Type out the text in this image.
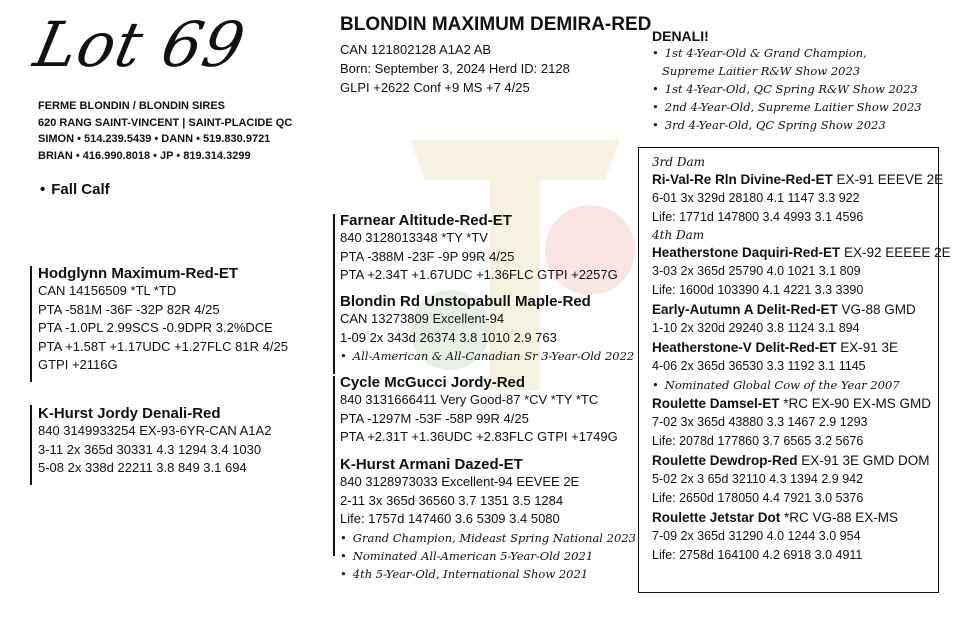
Lot 69
FERME BLONDIN / BLONDIN SIRES
620 RANG SAINT-VINCENT | SAINT-PLACIDE QC
SIMON • 514.239.5439 • DANN • 519.830.9721
BRIAN • 416.990.8018 • JP • 819.314.3299
• Fall Calf
BLONDIN MAXIMUM DEMIRA-RED
CAN 121802128 A1A2 AB
Born: September 3, 2024 Herd ID: 2128
GLPI +2622 Conf +9 MS +7 4/25
DENALI!
• 1st 4-Year-Old & Grand Champion,
Supreme Laitier R&W Show 2023
• 1st 4-Year-Old, QC Spring R&W Show 2023
• 2nd 4-Year-Old, Supreme Laitier Show 2023
• 3rd 4-Year-Old, QC Spring Show 2023
Hodglynn Maximum-Red-ET
CAN 14156509 *TL *TD
PTA -581M -36F -32P 82R 4/25
PTA -1.0PL 2.99SCS -0.9DPR 3.2%DCE
PTA +1.58T +1.17UDC +1.27FLC 81R 4/25
GTPI +2116G
K-Hurst Jordy Denali-Red
840 3149933254 EX-93-6YR-CAN A1A2
3-11 2x 365d 30331 4.3 1294 3.4 1030
5-08 2x 338d 22211 3.8 849 3.1 694
Farnear Altitude-Red-ET
840 3128013348 *TY *TV
PTA -388M -23F -9P 99R 4/25
PTA +2.34T +1.67UDC +1.36FLC GTPI +2257G
Blondin Rd Unstopabull Maple-Red
CAN 13273809 Excellent-94
1-09 2x 343d 26374 3.8 1010 2.9 763
• All-American & All-Canadian Sr 3-Year-Old 2022
Cycle McGucci Jordy-Red
840 3131666411 Very Good-87 *CV *TY *TC
PTA -1297M -53F -58P 99R 4/25
PTA +2.31T +1.36UDC +2.83FLC GTPI +1749G
K-Hurst Armani Dazed-ET
840 3128973033 Excellent-94 EEVEE 2E
2-11 3x 365d 36560 3.7 1351 3.5 1284
Life: 1757d 147460 3.6 5309 3.4 5080
• Grand Champion, Mideast Spring National 2023
• Nominated All-American 5-Year-Old 2021
• 4th 5-Year-Old, International Show 2021
3rd Dam
Ri-Val-Re Rln Divine-Red-ET EX-91 EEEVE 2E
6-01 3x 329d 28180 4.1 1147 3.3 922
Life: 1771d 147800 3.4 4993 3.1 4596
4th Dam
Heatherstone Daquiri-Red-ET EX-92 EEEEE 2E
3-03 2x 365d 25790 4.0 1021 3.1 809
Life: 1600d 103390 4.1 4221 3.3 3390
Early-Autumn A Delit-Red-ET VG-88 GMD
1-10 2x 320d 29240 3.8 1124 3.1 894
Heatherstone-V Delit-Red-ET EX-91 3E
4-06 2x 365d 36530 3.3 1192 3.1 1145
• Nominated Global Cow of the Year 2007
Roulette Damsel-ET *RC EX-90 EX-MS GMD
7-02 3x 365d 43880 3.3 1467 2.9 1293
Life: 2078d 177860 3.7 6565 3.2 5676
Roulette Dewdrop-Red EX-91 3E GMD DOM
5-02 2x 3 65d 32110 4.3 1394 2.9 942
Life: 2650d 178050 4.4 7921 3.0 5376
Roulette Jetstar Dot *RC VG-88 EX-MS
7-09 2x 365d 31290 4.0 1244 3.0 954
Life: 2758d 164100 4.2 6918 3.0 4911
